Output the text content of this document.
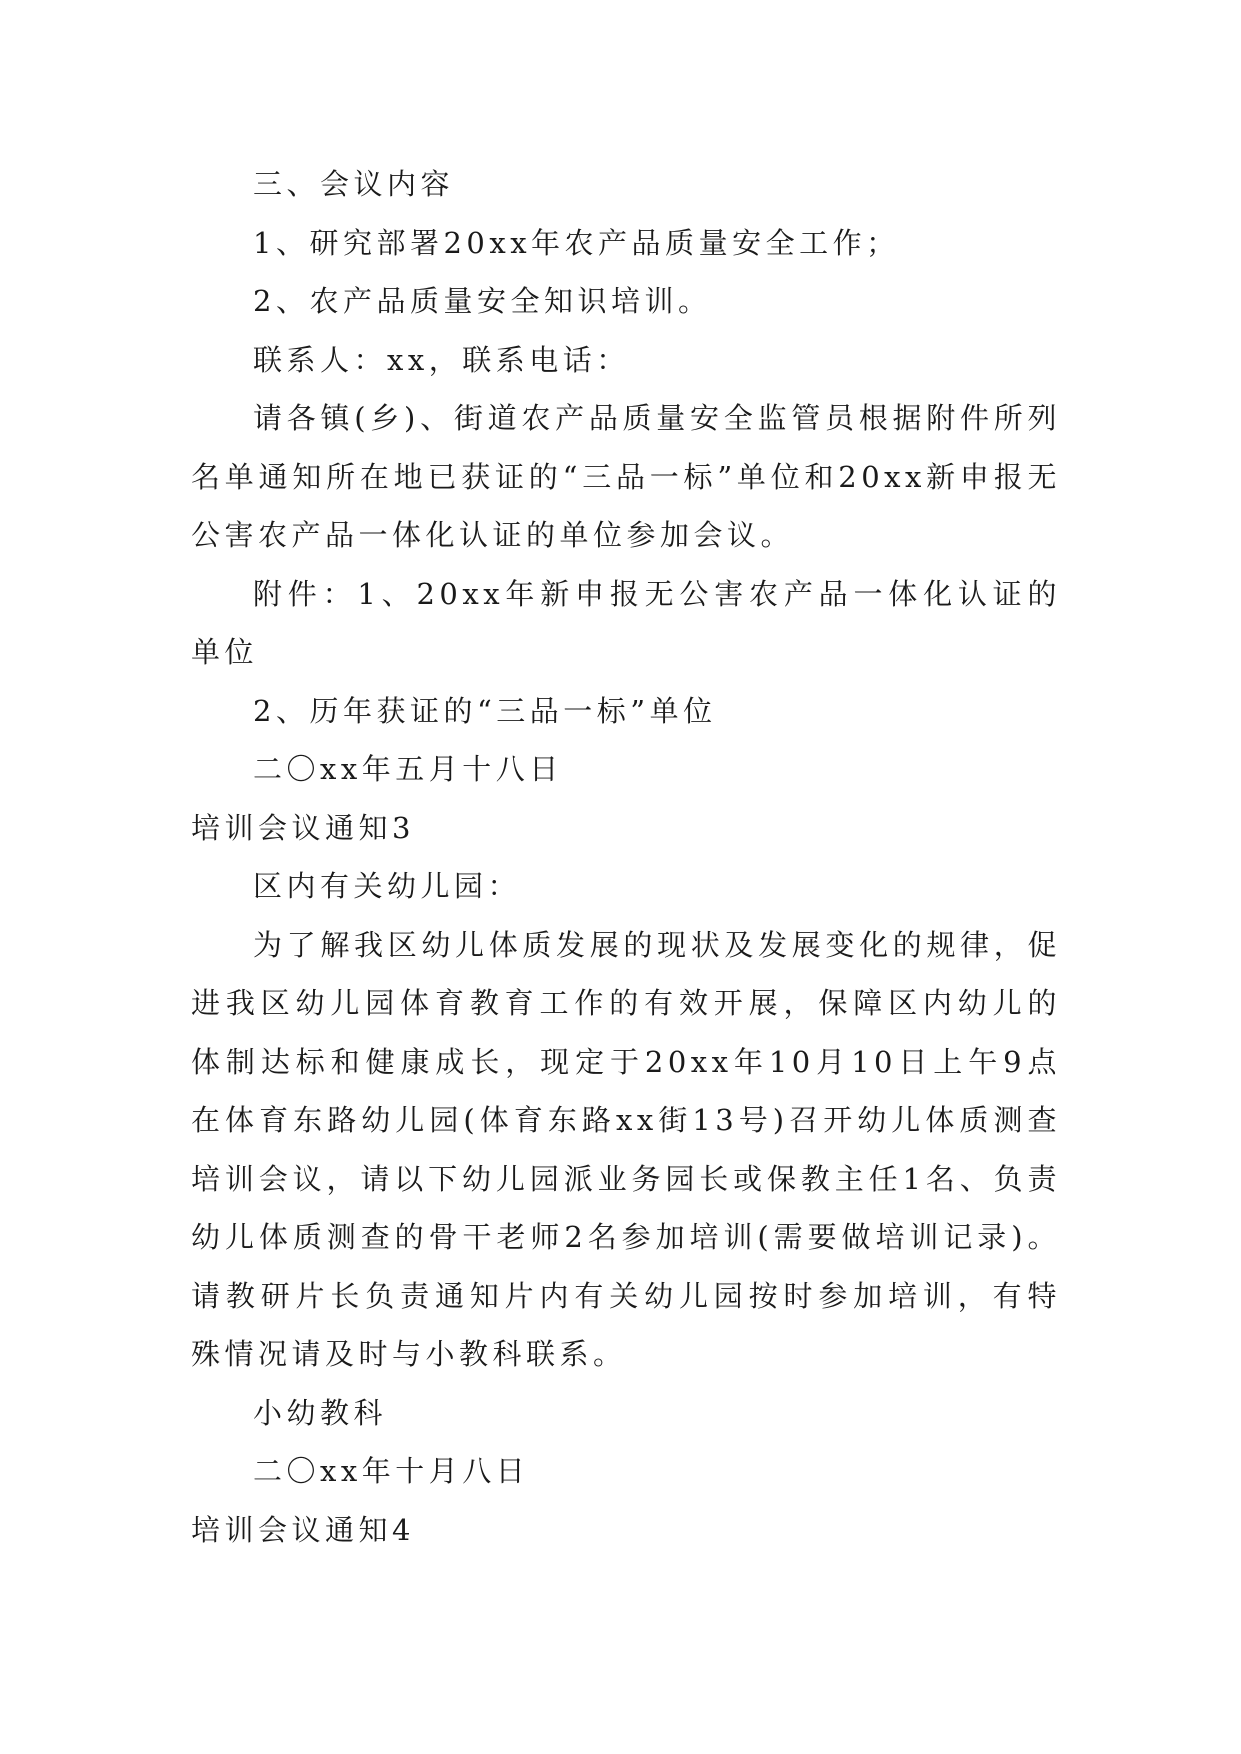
三、会议内容

1、研究部署20xx年农产品质量安全工作；

2、农产品质量安全知识培训。

联系人：xx，联系电话：

请各镇(乡)、街道农产品质量安全监管员根据附件所列名单通知所在地已获证的“三品一标”单位和20xx新申报无公害农产品一体化认证的单位参加会议。

附件：1、20xx年新申报无公害农产品一体化认证的单位

2、历年获证的“三品一标”单位

二〇xx年五月十八日

培训会议通知3

区内有关幼儿园：

为了解我区幼儿体质发展的现状及发展变化的规律，促进我区幼儿园体育教育工作的有效开展，保障区内幼儿的体制达标和健康成长，现定于20xx年10月10日上午9点在体育东路幼儿园(体育东路xx街13号)召开幼儿体质测查培训会议，请以下幼儿园派业务园长或保教主任1名、负责幼儿体质测查的骨干老师2名参加培训(需要做培训记录)。请教研片长负责通知片内有关幼儿园按时参加培训，有特殊情况请及时与小教科联系。

小幼教科

二〇xx年十月八日

培训会议通知4
